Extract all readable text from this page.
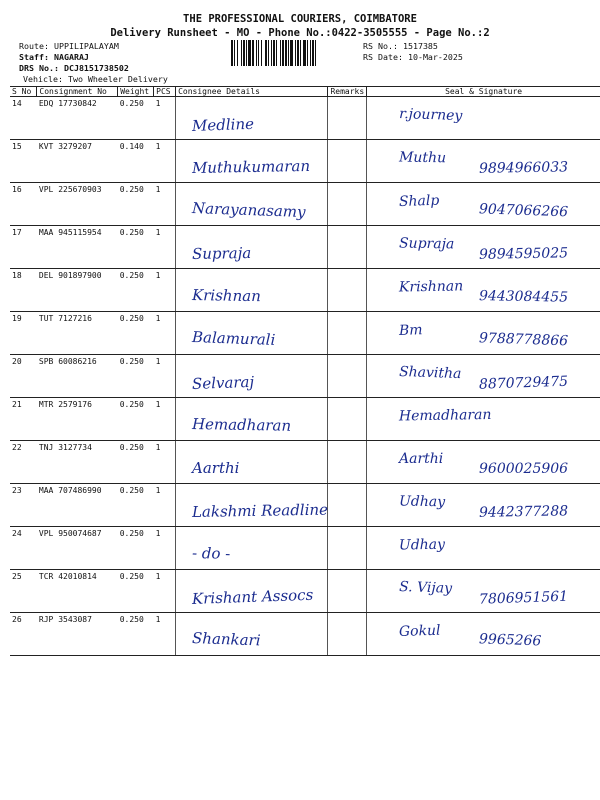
THE PROFESSIONAL COURIERS, COIMBATORE
Delivery Runsheet - MO - Phone No.:0422-3505555 - Page No.:2
Route: UPPILIPALAYAM
Staff: NAGARAJ
DRS No.: DCJ8151738502
Vehicle: Two Wheeler Delivery
RS No.: 1517385
RS Date: 10-Mar-2025
S No	Consignment No	Weight	PCS	Consignee Details	Remarks	Seal & Signature
14	EDQ 17730842	0.250	1	Medline		r.journey

15	KVT 3279207	0.140	1	Muthukumaran		Muthu
9894966033

16	VPL 225670903	0.250	1	Narayanasamy		Shalp 9047066266

17	MAA 945115954	0.250	1	Supraja		Supraja
9894595025

18	DEL 901897900	0.250	1	Krishnan		Krishnan
9443084455

19	TUT 7127216	0.250	1	Balamurali		Bm 9788778866

20	SPB 60086216	0.250	1	Selvaraj		Shavitha
8870729475

21	MTR 2579176	0.250	1	Hemadharan		Hemadharan

22	TNJ 3127734	0.250	1	Aarthi		Aarthi
9600025906

23	MAA 707486990	0.250	1	Lakshmi Readline		Udhay
9442377288

24	VPL 950074687	0.250	1	- do -		Udhay

25	TCR 42010814	0.250	1	Krishant Assocs		S. Vijay
7806951561

26	RJP 3543087	0.250	1	Shankari		Gokul 9965266
